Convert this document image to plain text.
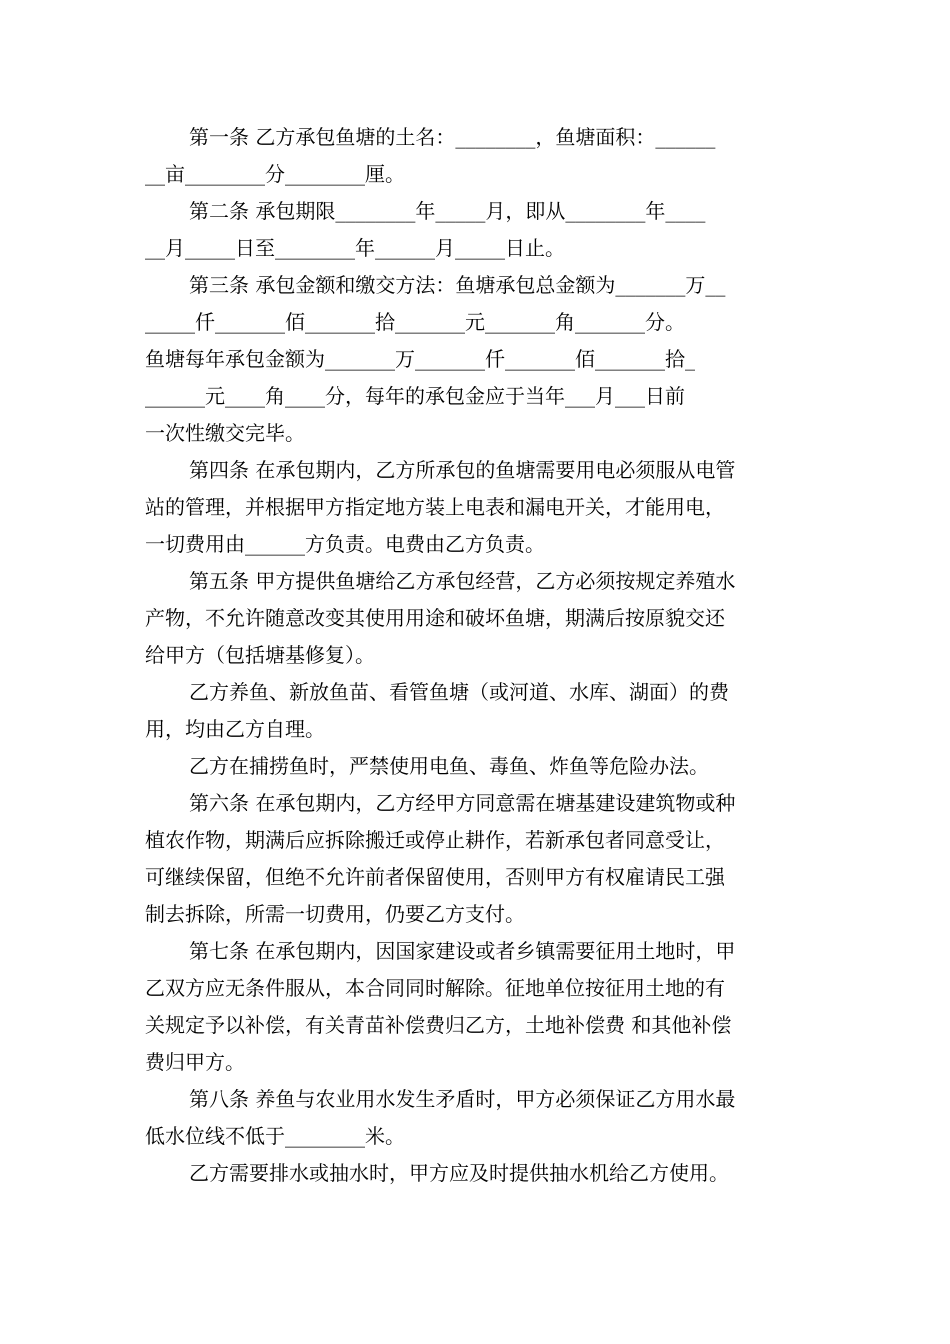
第一条 乙方承包鱼塘的土名：________，鱼塘面积：______
__亩________分________厘。
第二条 承包期限________年_____月，即从________年____
__月_____日至________年______月_____日止。
第三条 承包金额和缴交方法：鱼塘承包总金额为_______万__
_____仟_______佰_______拾_______元_______角_______分。
鱼塘每年承包金额为_______万_______仟_______佰_______拾_
______元____角____分，每年的承包金应于当年___月___日前
一次性缴交完毕。
第四条 在承包期内，乙方所承包的鱼塘需要用电必须服从电管
站的管理，并根据甲方指定地方装上电表和漏电开关，才能用电，
一切费用由______方负责。电费由乙方负责。
第五条 甲方提供鱼塘给乙方承包经营，乙方必须按规定养殖水
产物，不允许随意改变其使用用途和破坏鱼塘，期满后按原貌交还
给甲方（包括塘基修复）。
乙方养鱼、新放鱼苗、看管鱼塘（或河道、水库、湖面）的费
用，均由乙方自理。
乙方在捕捞鱼时，严禁使用电鱼、毒鱼、炸鱼等危险办法。
第六条 在承包期内，乙方经甲方同意需在塘基建设建筑物或种
植农作物，期满后应拆除搬迁或停止耕作，若新承包者同意受让，
可继续保留，但绝不允许前者保留使用，否则甲方有权雇请民工强
制去拆除，所需一切费用，仍要乙方支付。
第七条 在承包期内，因国家建设或者乡镇需要征用土地时，甲
乙双方应无条件服从，本合同同时解除。征地单位按征用土地的有
关规定予以补偿，有关青苗补偿费归乙方，土地补偿费 和其他补偿
费归甲方。
第八条 养鱼与农业用水发生矛盾时，甲方必须保证乙方用水最
低水位线不低于________米。
乙方需要排水或抽水时，甲方应及时提供抽水机给乙方使用。
